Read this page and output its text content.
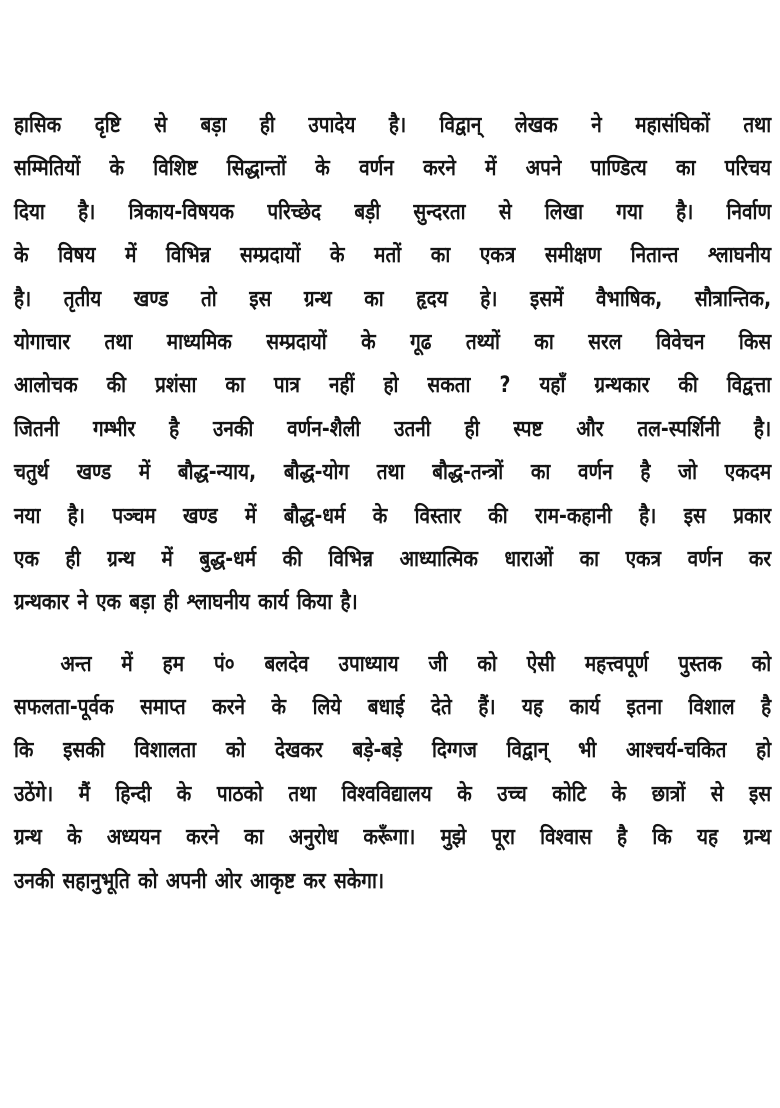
हासिक दृष्टि से बड़ा ही उपादेय है। विद्वान् लेखक ने महासंघिकों तथा
सम्मितियों के विशिष्ट सिद्धान्तों के वर्णन करने में अपने पाण्डित्य का परिचय
दिया है। त्रिकाय-विषयक परिच्छेद बड़ी सुन्दरता से लिखा गया है। निर्वाण
के विषय में विभिन्न सम्प्रदायों के मतों का एकत्र समीक्षण नितान्त श्लाघनीय
है। तृतीय खण्ड तो इस ग्रन्थ का हृदय हे। इसमें वैभाषिक, सौत्रान्तिक,
योगाचार तथा माध्यमिक सम्प्रदायों के गूढ तथ्यों का सरल विवेचन किस
आलोचक की प्रशंसा का पात्र नहीं हो सकता ? यहाँ ग्रन्थकार की विद्वत्ता
जितनी गम्भीर है उनकी वर्णन-शैली उतनी ही स्पष्ट और तल-स्पर्शिनी है।
चतुर्थ खण्ड में बौद्ध-न्याय, बौद्ध-योग तथा बौद्ध-तन्त्रों का वर्णन है जो एकदम
नया है। पञ्चम खण्ड में बौद्ध-धर्म के विस्तार की राम-कहानी है। इस प्रकार
एक ही ग्रन्थ में बुद्ध-धर्म की विभिन्न आध्यात्मिक धाराओं का एकत्र वर्णन कर
ग्रन्थकार ने एक बड़ा ही श्लाघनीय कार्य किया है।
अन्त में हम पं० बलदेव उपाध्याय जी को ऐसी महत्त्वपूर्ण पुस्तक को
सफलता-पूर्वक समाप्त करने के लिये बधाई देते हैं। यह कार्य इतना विशाल है
कि इसकी विशालता को देखकर बड़े-बड़े दिग्गज विद्वान् भी आश्चर्य-चकित हो
उठेंगे। मैं हिन्दी के पाठको तथा विश्वविद्यालय के उच्च कोटि के छात्रों से इस
ग्रन्थ के अध्ययन करने का अनुरोध करूँगा। मुझे पूरा विश्वास है कि यह ग्रन्थ
उनकी सहानुभूति को अपनी ओर आकृष्ट कर सकेगा।
